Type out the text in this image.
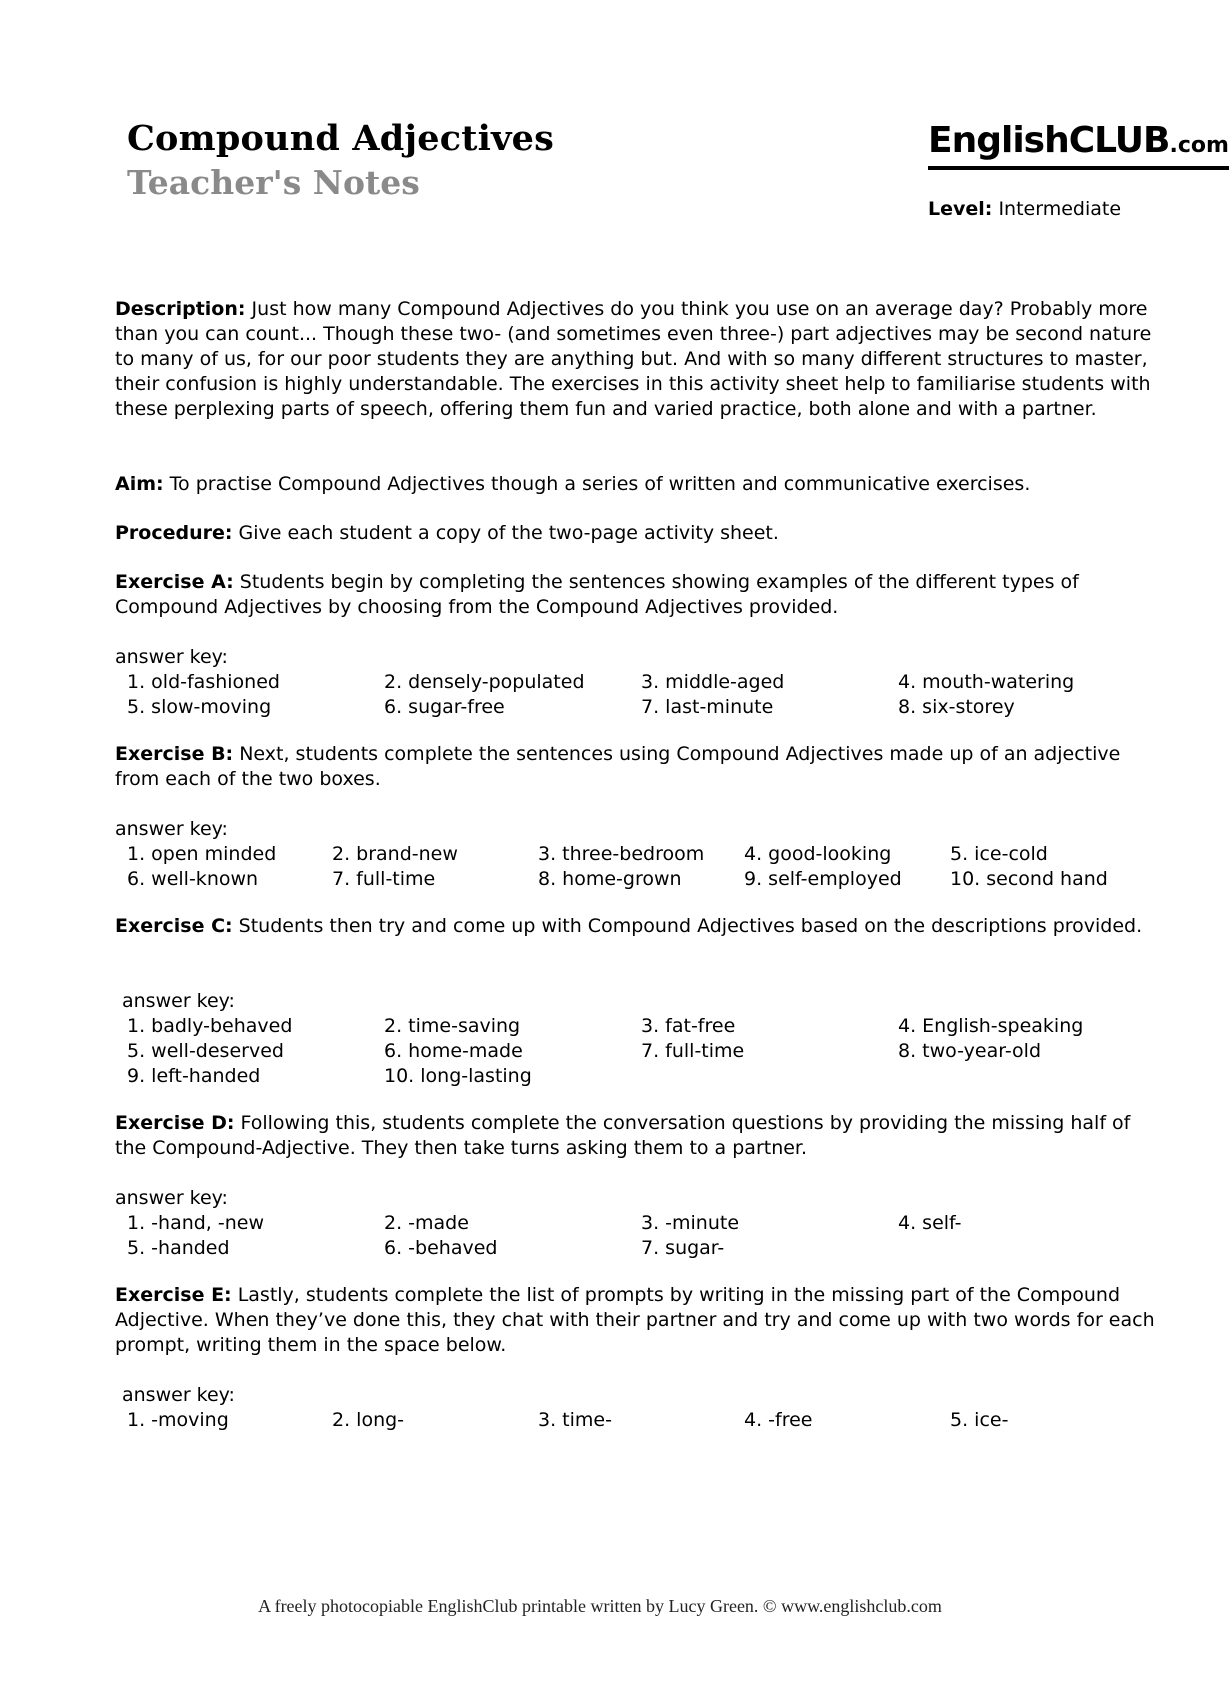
Compound Adjectives
Teacher's Notes
EnglishCLUB.com
Level: Intermediate
Description: Just how many Compound Adjectives do you think you use on an average day? Probably more than you can count... Though these two- (and sometimes even three-) part adjectives may be second nature to many of us, for our poor students they are anything but. And with so many different structures to master, their confusion is highly understandable. The exercises in this activity sheet help to familiarise students with these perplexing parts of speech, offering them fun and varied practice, both alone and with a partner.
Aim: To practise Compound Adjectives though a series of written and communicative exercises.
Procedure: Give each student a copy of the two-page activity sheet.
Exercise A: Students begin by completing the sentences showing examples of the different types of Compound Adjectives by choosing from the Compound Adjectives provided.
answer key:
1. old-fashioned	2. densely-populated	3. middle-aged	4. mouth-watering
5. slow-moving	6. sugar-free	7. last-minute	8. six-storey
Exercise B: Next, students complete the sentences using Compound Adjectives made up of an adjective from each of the two boxes.
answer key:
1. open minded	2. brand-new	3. three-bedroom 4. good-looking	5. ice-cold
6. well-known	7. full-time	8. home-grown	9. self-employed	10. second hand
Exercise C: Students then try and come up with Compound Adjectives based on the descriptions provided.
answer key:
1. badly-behaved	2. time-saving	3. fat-free	4. English-speaking
5. well-deserved	6. home-made	7. full-time	8. two-year-old
9. left-handed	10. long-lasting
Exercise D: Following this, students complete the conversation questions by providing the missing half of the Compound-Adjective. They then take turns asking them to a partner.
answer key:
1. -hand, -new	2. -made	3. -minute	4. self-
5. -handed	6. -behaved	7. sugar-
Exercise E: Lastly, students complete the list of prompts by writing in the missing part of the Compound Adjective. When they’ve done this, they chat with their partner and try and come up with two words for each prompt, writing them in the space below.
answer key:
1. -moving	2. long-	3. time-	4. -free	5. ice-
A freely photocopiable EnglishClub printable written by Lucy Green. © www.englishclub.com
